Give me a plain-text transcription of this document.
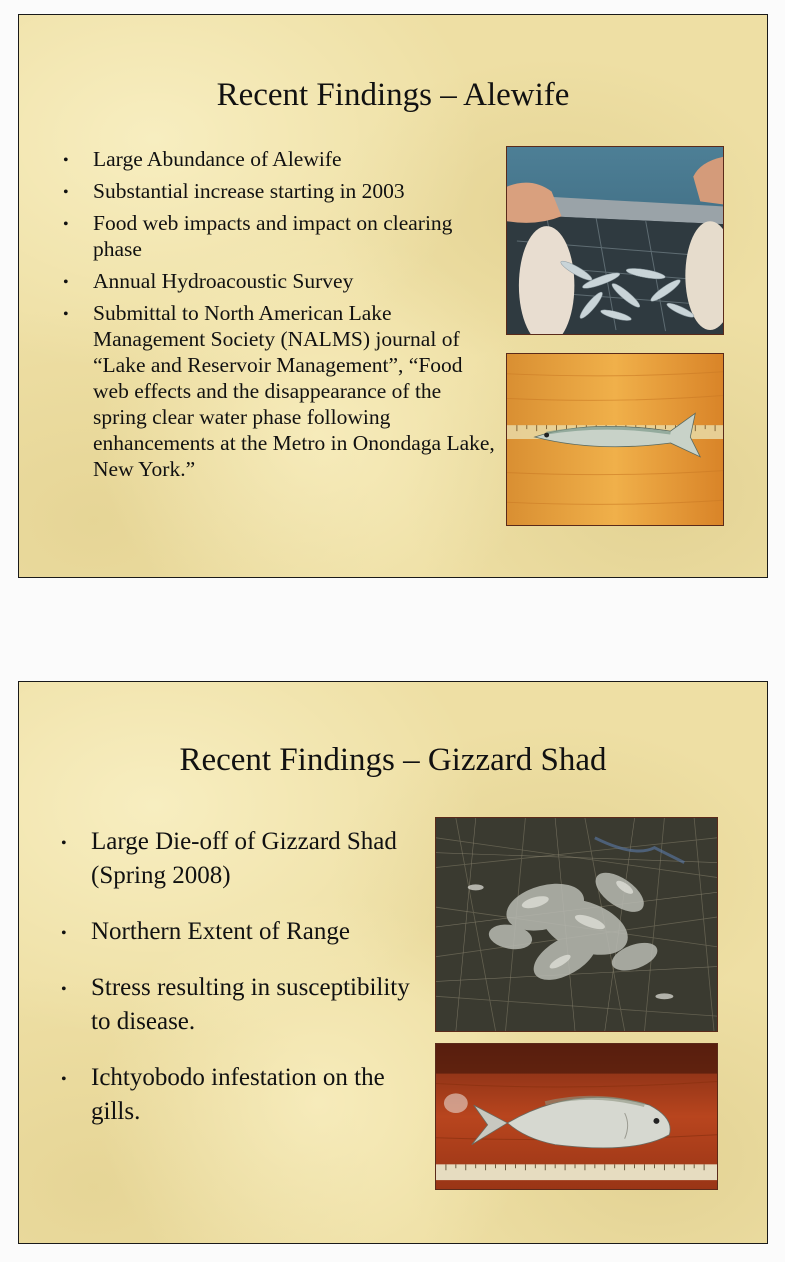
Recent Findings – Alewife
• Large Abundance of Alewife
• Substantial increase starting in 2003
• Food web impacts and impact on clearing phase
• Annual Hydroacoustic Survey
• Submittal to North American Lake Management Society (NALMS) journal of “Lake and Reservoir Management”, “Food web effects and the disappearance of the spring clear water phase following enhancements at the Metro in Onondaga Lake, New York.”
Recent Findings – Gizzard Shad
• Large Die-off of Gizzard Shad (Spring 2008)
• Northern Extent of Range
• Stress resulting in susceptibility to disease.
• Ichtyobodo infestation on the gills.
